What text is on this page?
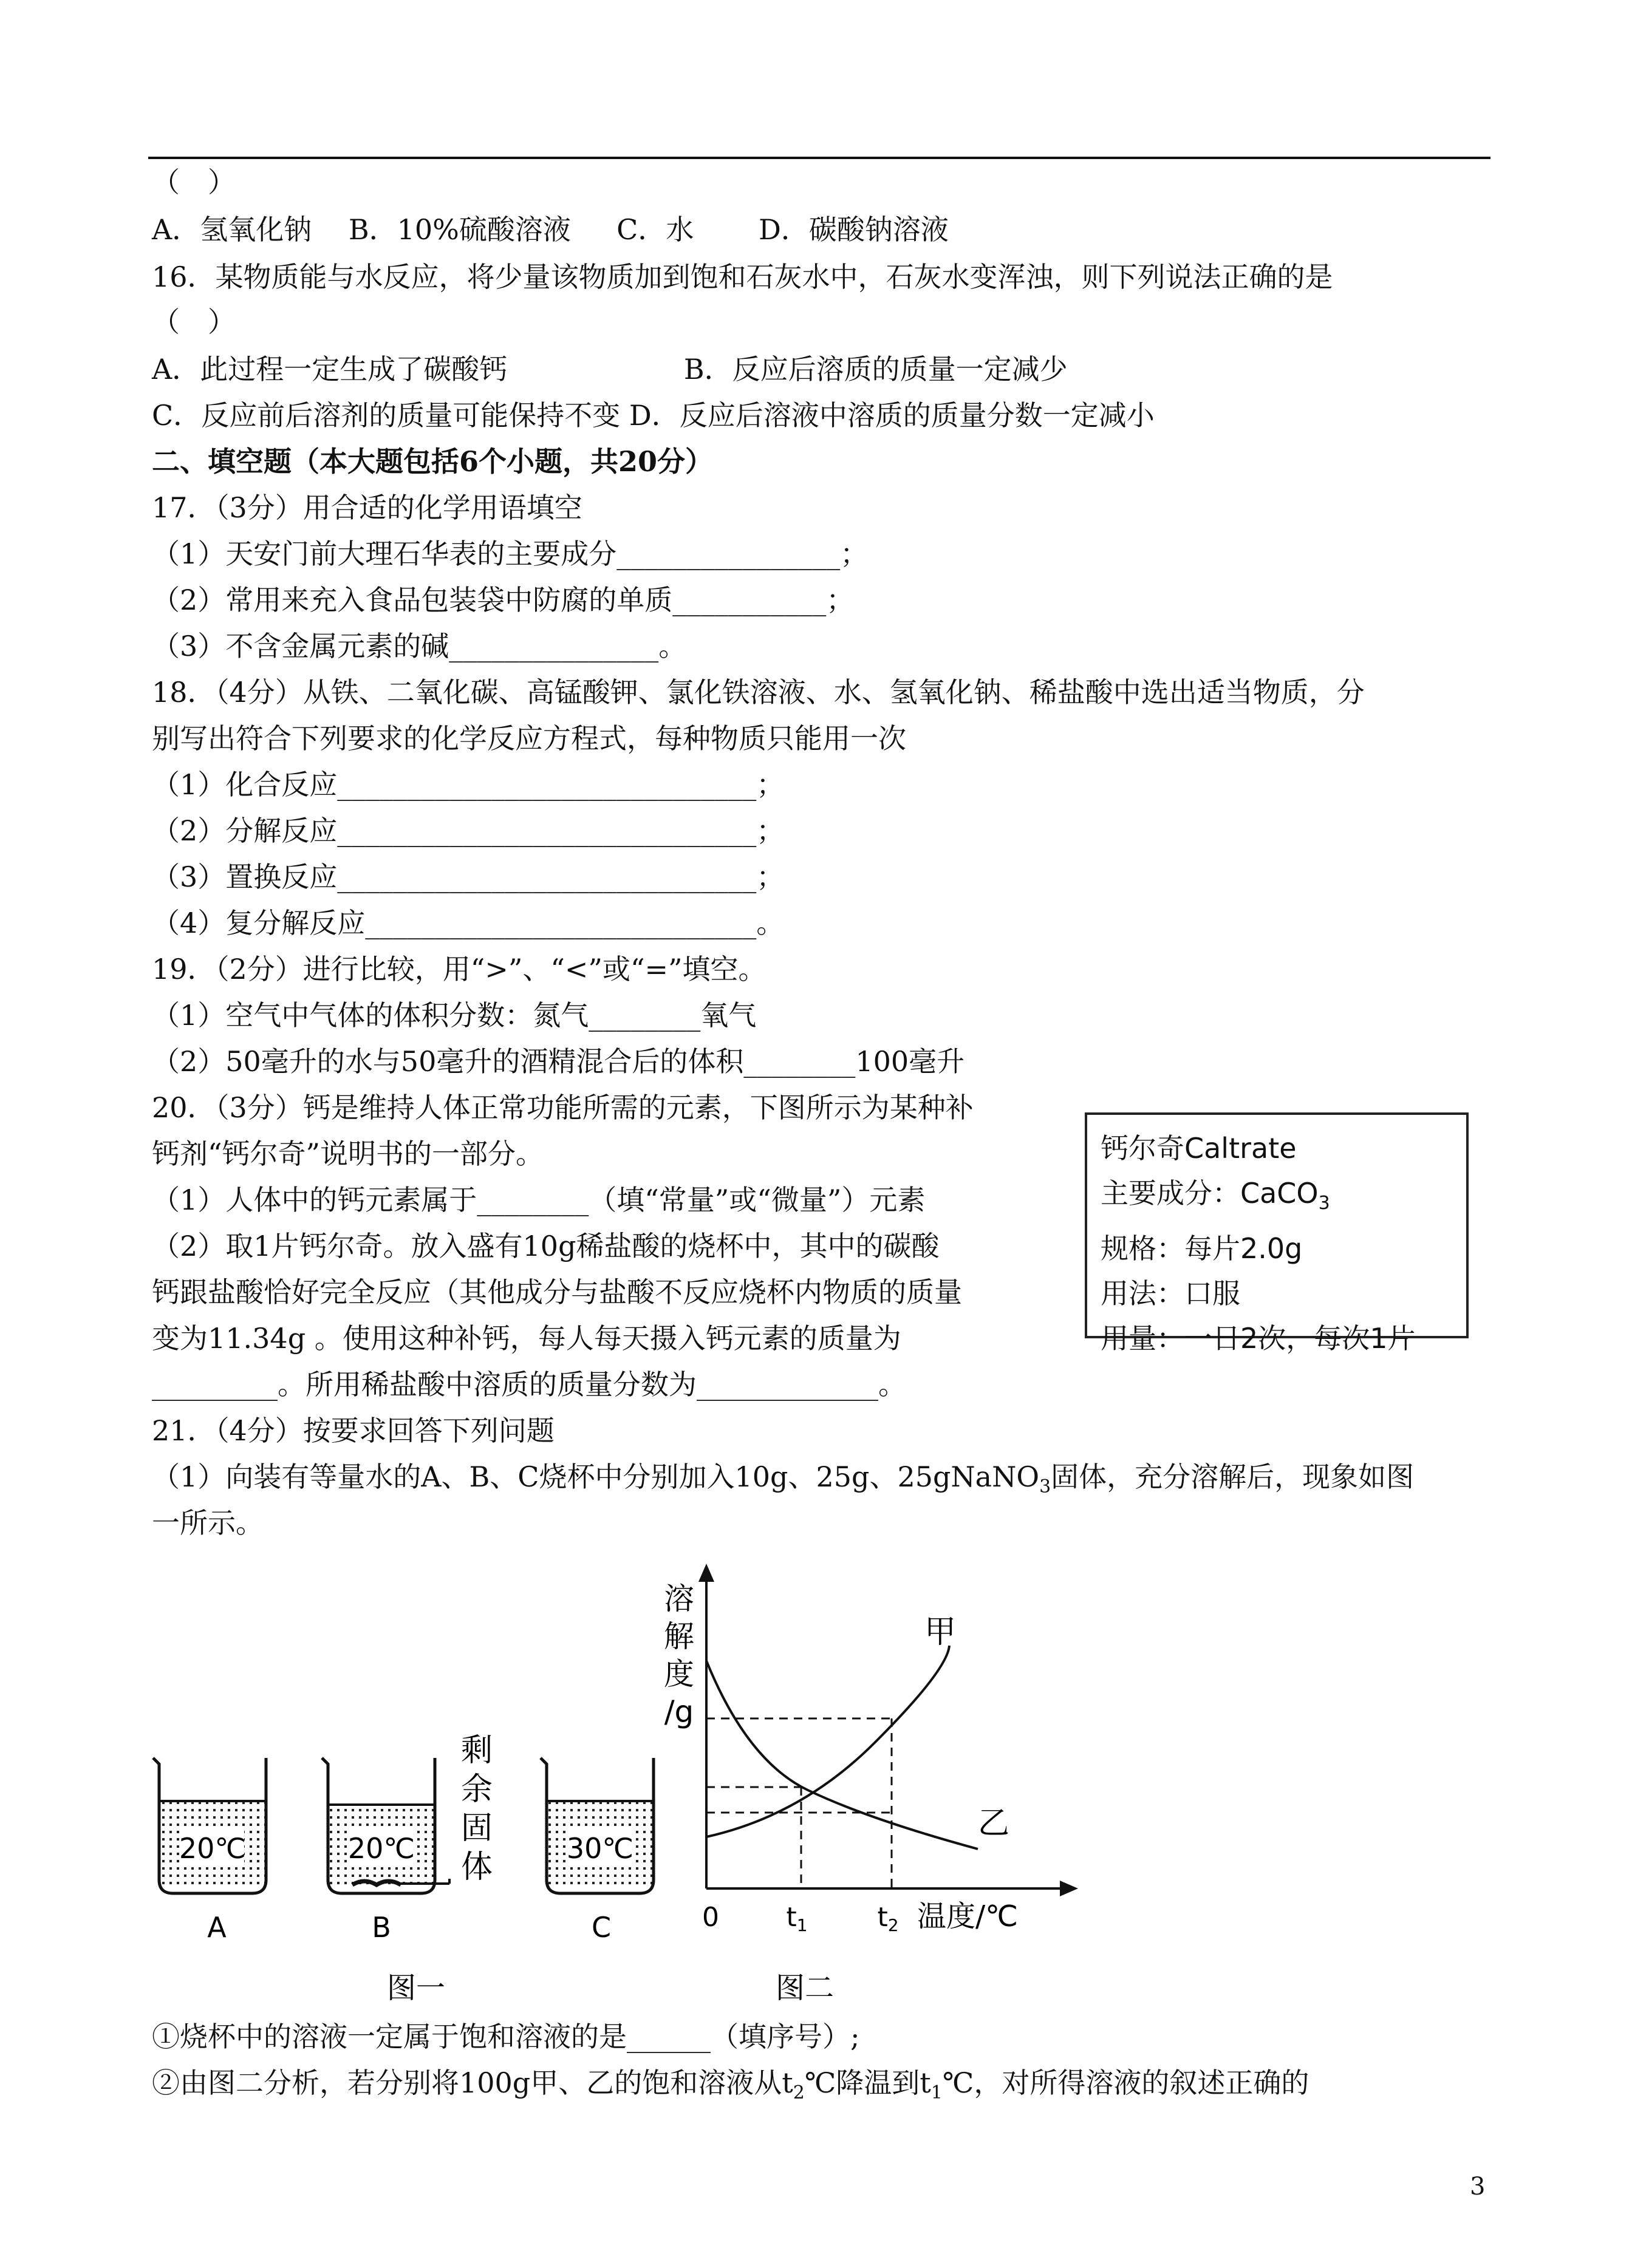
（　）
A．氢氧化钠　 B．10%硫酸溶液 　 C．水　 　D．碳酸钠溶液
16．某物质能与水反应，将少量该物质加到饱和石灰水中，石灰水变浑浊，则下列说法正确的是
（　）
A．此过程一定生成了碳酸钙　　　　　　 B．反应后溶质的质量一定减少
C．反应前后溶剂的质量可能保持不变 D．反应后溶液中溶质的质量分数一定减小
二、填空题（本大题包括6个小题，共20分）
17．（3分）用合适的化学用语填空
（1）天安门前大理石华表的主要成分________________；
（2）常用来充入食品包装袋中防腐的单质___________；
（3）不含金属元素的碱_______________。
18．（4分）从铁、二氧化碳、高锰酸钾、氯化铁溶液、水、氢氧化钠、稀盐酸中选出适当物质，分
别写出符合下列要求的化学反应方程式，每种物质只能用一次
（1）化合反应______________________________；
（2）分解反应______________________________；
（3）置换反应______________________________；
（4）复分解反应____________________________。
19．（2分）进行比较，用“>”、“<”或“=”填空。
（1）空气中气体的体积分数：氮气________氧气
（2）50毫升的水与50毫升的酒精混合后的体积________100毫升
20．（3分）钙是维持人体正常功能所需的元素，下图所示为某种补
钙剂“钙尔奇”说明书的一部分。
（1）人体中的钙元素属于________（填“常量”或“微量”）元素
（2）取1片钙尔奇。放入盛有10g稀盐酸的烧杯中，其中的碳酸
钙跟盐酸恰好完全反应（其他成分与盐酸不反应烧杯内物质的质量
变为11.34g 。使用这种补钙，每人每天摄入钙元素的质量为
_________。所用稀盐酸中溶质的质量分数为_____________。
21．（4分）按要求回答下列问题
（1）向装有等量水的A、B、C烧杯中分别加入10g、25g、25gNaNO$_3$固体，充分溶解后，现象如图
一所示。
①烧杯中的溶液一定属于饱和溶液的是______（填序号）;
②由图二分析，若分别将100g甲、乙的饱和溶液从$t_2℃$降温到$t_1℃$，对所得溶液的叙述正确的
钙尔奇Caltrate
主要成分：CaCO$_3$
规格：每片2.0g
用法：口服
用量：一日2次，每次1片
20℃
A
20℃
B
剩
余
固
体
30℃
C
图一
甲
乙
溶
解
度
/g
0	t1	t2 温度/℃
图二
3
